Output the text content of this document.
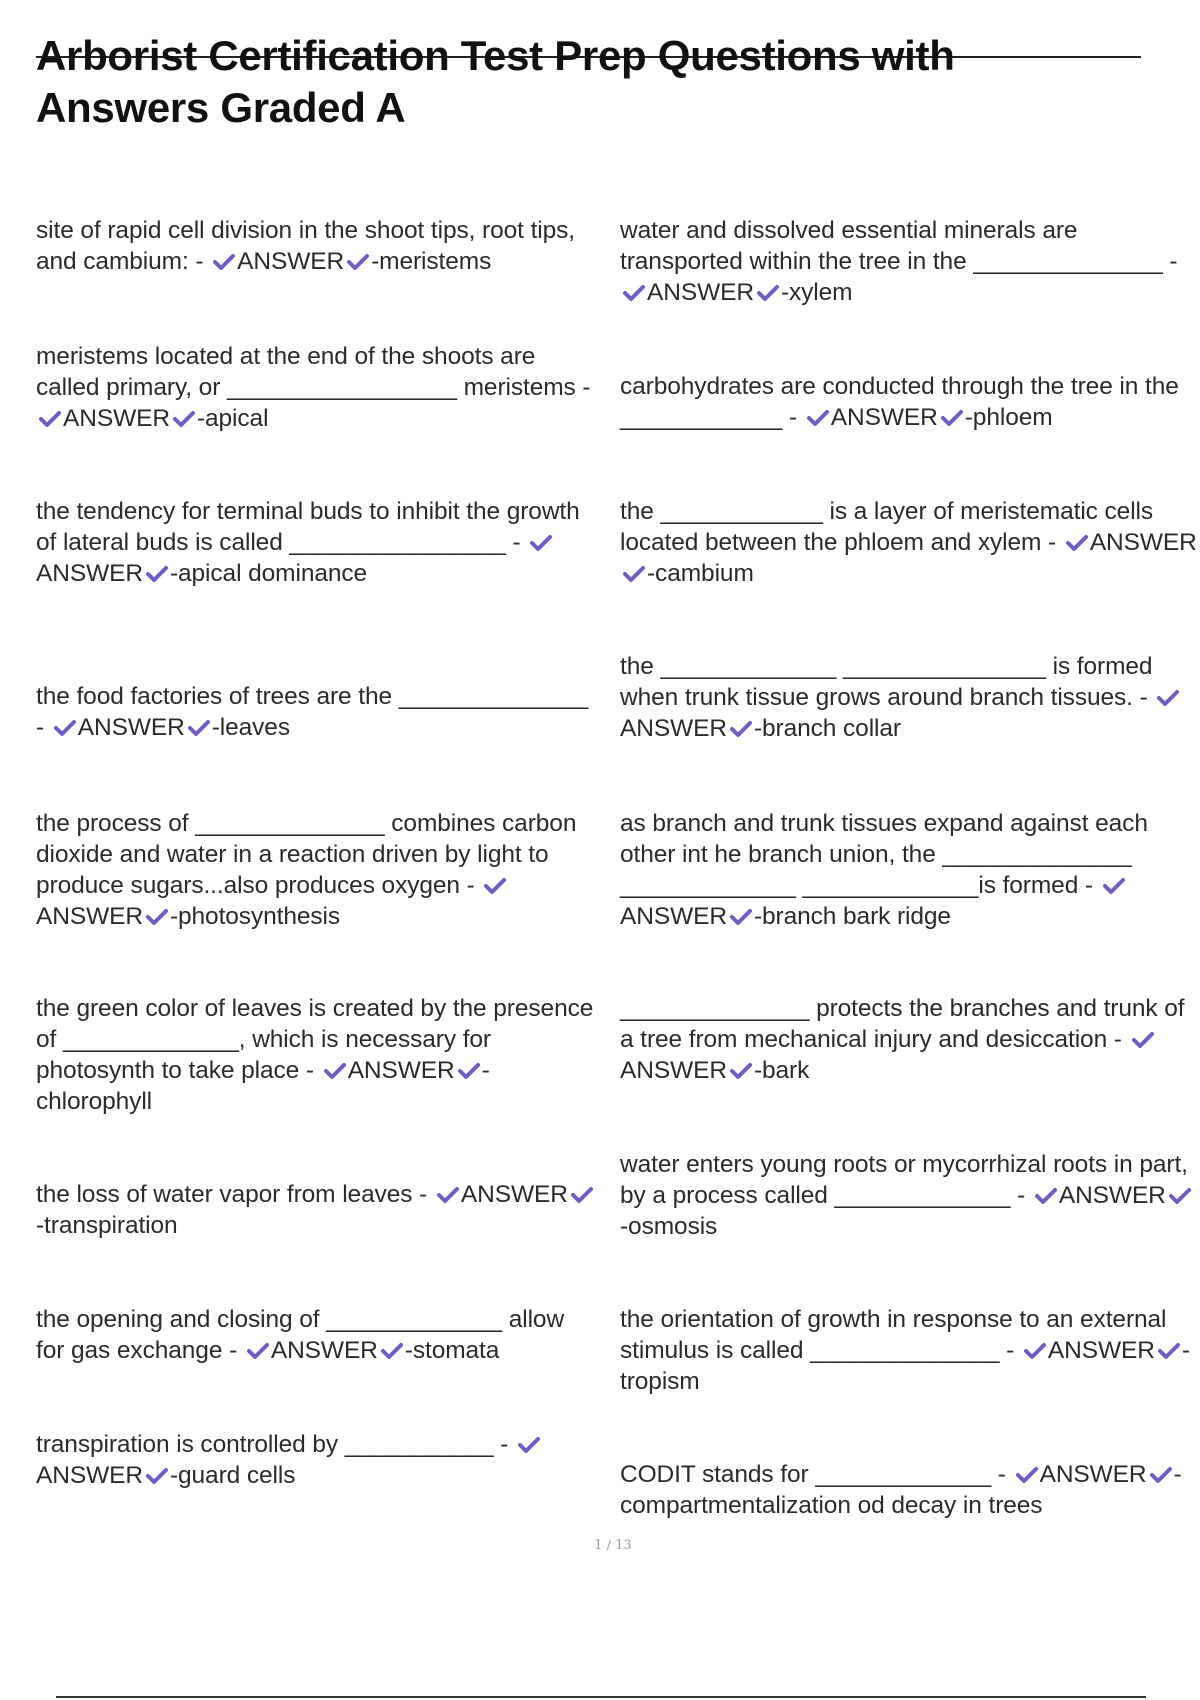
Arborist Certification Test Prep Questions with Answers Graded A

site of rapid cell division in the shoot tips, root tips, and cambium: - ANSWER -meristems

meristems located at the end of the shoots are called primary, or _________________ meristems - ANSWER -apical

the tendency for terminal buds to inhibit the growth of lateral buds is called ________________ - ANSWER -apical dominance

the food factories of trees are the ______________ - ANSWER -leaves

the process of ______________ combines carbon dioxide and water in a reaction driven by light to produce sugars...also produces oxygen - ANSWER -photosynthesis

the green color of leaves is created by the presence of _____________, which is necessary for photosynth to take place - ANSWER -chlorophyll

the loss of water vapor from leaves - ANSWER-transpiration

the opening and closing of _____________ allow for gas exchange - ANSWER -stomata

transpiration is controlled by ___________ - ANSWER -guard cells

water and dissolved essential minerals are transported within the tree in the ______________ - ANSWER -xylem

carbohydrates are conducted through the tree in the ____________ - ANSWER -phloem

the ____________ is a layer of meristematic cells located between the phloem and xylem - ANSWER-cambium

the _____________ _______________ is formed when trunk tissue grows around branch tissues. - ANSWER -branch collar

as branch and trunk tissues expand against each other int he branch union, the ______________ _____________ _____________is formed - ANSWER -branch bark ridge

______________ protects the branches and trunk of a tree from mechanical injury and desiccation - ANSWER -bark

water enters young roots or mycorrhizal roots in part, by a process called _____________ - ANSWER-osmosis

the orientation of growth in response to an external stimulus is called ______________ - ANSWER -tropism

CODIT stands for _____________ - ANSWER -compartmentalization od decay in trees

1 / 13
